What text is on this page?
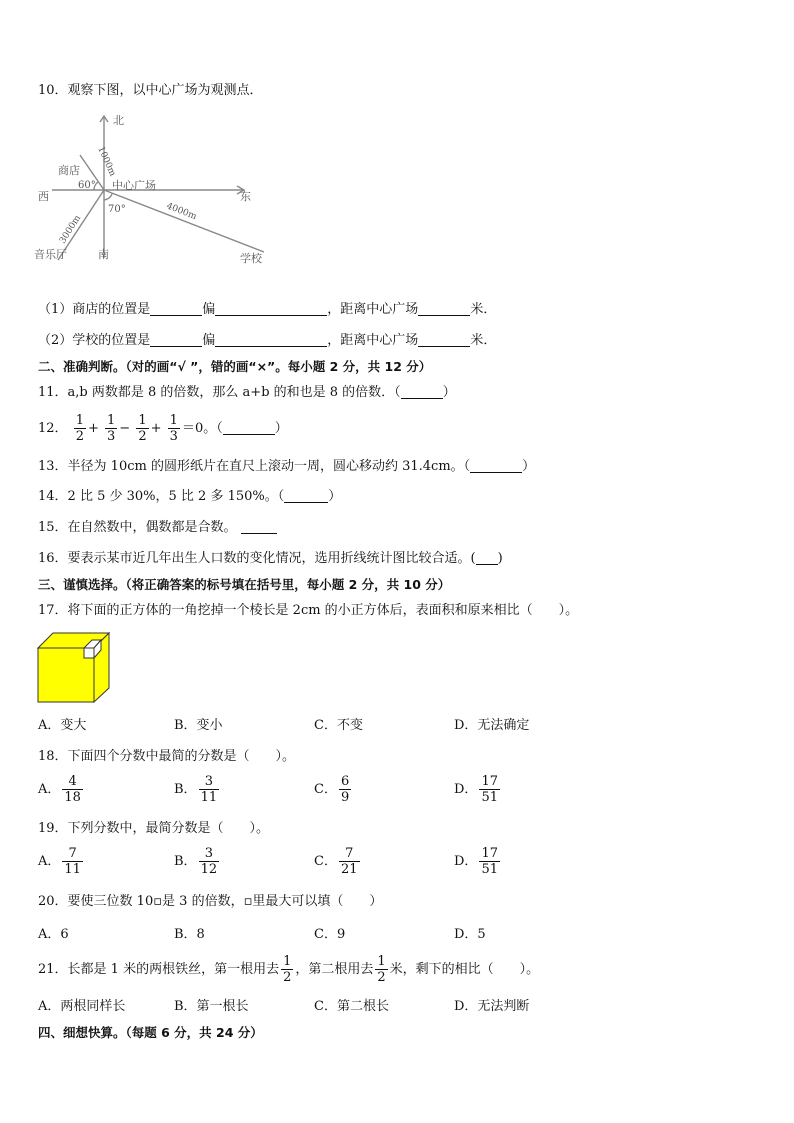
10．观察下图，以中心广场为观测点．
北
南
东
西
中心广场
商店
学校
音乐厅
60°
70°
1000m
4000m
3000m
（1）商店的位置是	偏	，距离中心广场	米．
（2）学校的位置是	偏	，距离中心广场	米．
二、准确判断。（对的画“√ ”，错的画“×”。每小题 2 分，共 12 分）
11．a,b 两数都是 8 的倍数，那么 a+b 的和也是 8 的倍数．（	）
12． $\frac{1}{2} + \frac{1}{3} - \frac{1}{2} + \frac{1}{3} =0$。（	）
13．半径为 10cm 的圆形纸片在直尺上滚动一周，圆心移动约 31.4cm。（	）
14．2 比 5 少 30%，5 比 2 多 150%。（	）
15．在自然数中，偶数都是合数。
16．要表示某市近几年出生人口数的变化情况，选用折线统计图比较合适。( )
三、谨慎选择。（将正确答案的标号填在括号里，每小题 2 分，共 10 分）
17．将下面的正方体的一角挖掉一个棱长是 2cm 的小正方体后，表面积和原来相比（　　）。
A．变大	B．变小	C．不变	D．无法确定
18．下面四个分数中最简的分数是（　　）。
A． $\frac{4}{18}$	B． $\frac{3}{11}$	C． $\frac{6}{9}$	D． $\frac{17}{51}$
19．下列分数中，最简分数是（　　）。
A． $\frac{7}{11}$	B． $\frac{3}{12}$	C． $\frac{7}{21}$	D． $\frac{17}{51}$
20．要使三位数 10▫是 3 的倍数，▫里最大可以填（　　）
A．6	B．8	C．9	D．5
21．长都是 1 米的两根铁丝，第一根用去 $\frac{1}{2}$ ，第二根用去 $\frac{1}{2}$ 米，剩下的相比（　　）。
A．两根同样长	B．第一根长	C．第二根长	D．无法判断
四、细想快算。（每题 6 分，共 24 分）
